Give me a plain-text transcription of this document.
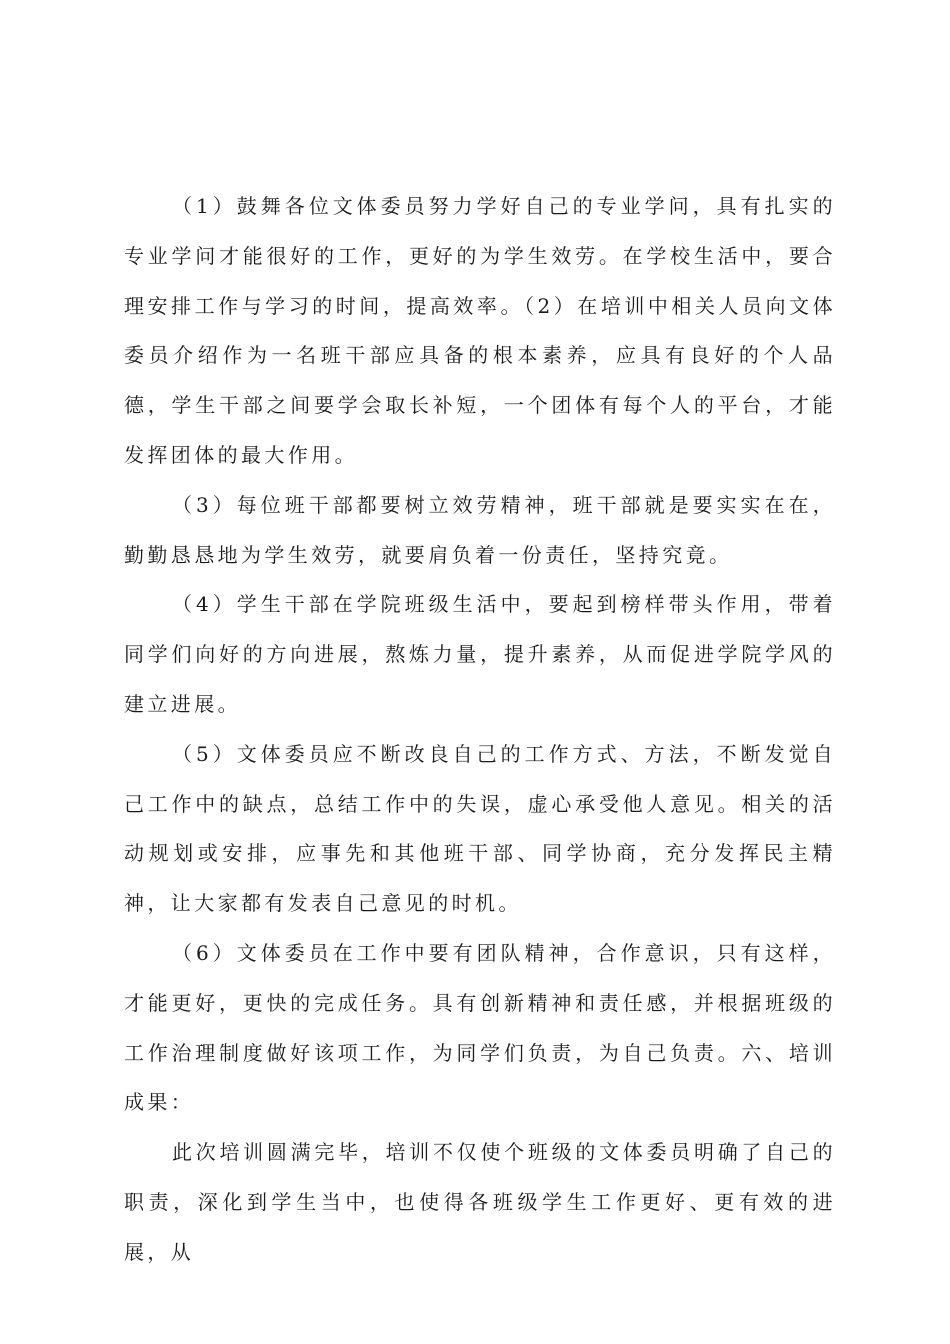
（1）鼓舞各位文体委员努力学好自己的专业学问，具有扎实的专业学问才能很好的工作，更好的为学生效劳。在学校生活中，要合理安排工作与学习的时间，提高效率。（2）在培训中相关人员向文体委员介绍作为一名班干部应具备的根本素养，应具有良好的个人品德，学生干部之间要学会取长补短，一个团体有每个人的平台，才能发挥团体的最大作用。

（3）每位班干部都要树立效劳精神，班干部就是要实实在在，勤勤恳恳地为学生效劳，就要肩负着一份责任，坚持究竟。

（4）学生干部在学院班级生活中，要起到榜样带头作用，带着同学们向好的方向进展，熬炼力量，提升素养，从而促进学院学风的建立进展。

（5）文体委员应不断改良自己的工作方式、方法，不断发觉自己工作中的缺点，总结工作中的失误，虚心承受他人意见。相关的活动规划或安排，应事先和其他班干部、同学协商，充分发挥民主精神，让大家都有发表自己意见的时机。

（6）文体委员在工作中要有团队精神，合作意识，只有这样，才能更好，更快的完成任务。具有创新精神和责任感，并根据班级的工作治理制度做好该项工作，为同学们负责，为自己负责。六、培训成果：

此次培训圆满完毕，培训不仅使个班级的文体委员明确了自己的职责，深化到学生当中，也使得各班级学生工作更好、更有效的进展，从
